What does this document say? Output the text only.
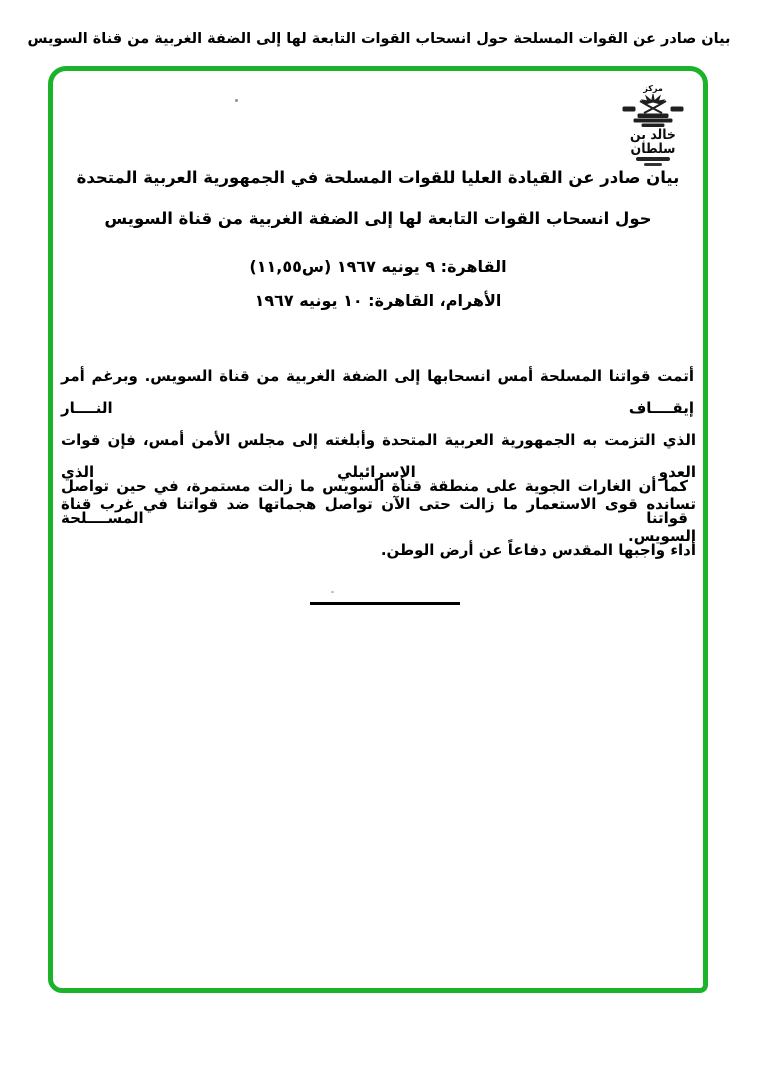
بيان صادر عن القوات المسلحة حول انسحاب القوات التابعة لها إلى الضفة الغربية من قناة السويس
مركز
خالد بن سلطان
بيان صادر عن القيادة العليا للقوات المسلحة في الجمهورية العربية المتحدة
حول انسحاب القوات التابعة لها إلى الضفة الغربية من قناة السويس
القاهرة: ٩ يونيه ١٩٦٧ (س١١,٥٥)
الأهرام، القاهرة: ١٠ يونيه ١٩٦٧
أتمت قواتنا المسلحة أمس انسحابها إلى الضفة الغربية من قناة السويس. وبرغم أمر إيقــــاف النــــار
الذي التزمت به الجمهورية العربية المتحدة وأبلغته إلى مجلس الأمن أمس، فإن قوات العدو الإسرائيلي الذي
تسانده قوى الاستعمار ما زالت حتى الآن تواصل هجماتها ضد قواتنا في غرب قناة السويس.
كما أن الغارات الجوية على منطقة قناة السويس ما زالت مستمرة، في حين تواصل قواتنا المســــلحة
أداء واجبها المقدس دفاعاً عن أرض الوطن.
